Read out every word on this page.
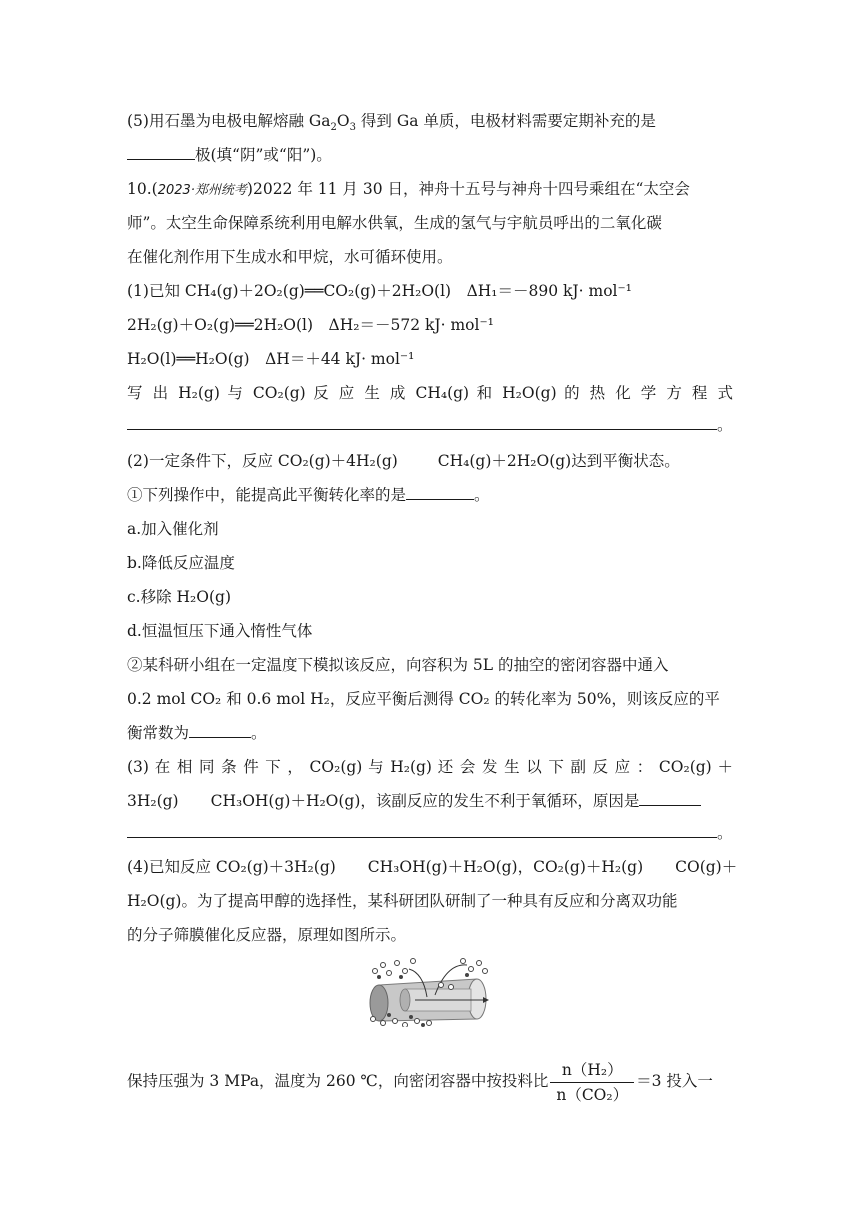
(5)用石墨为电极电解熔融 $Ga_2O_3$ 得到 Ga 单质，电极材料需要定期补充的是
极(填“阴”或“阳”)。
10.(2023·郑州统考)2022 年 11 月 30 日，神舟十五号与神舟十四号乘组在“太空会
师”。太空生命保障系统利用电解水供氧，生成的氢气与宇航员呼出的二氧化碳
在催化剂作用下生成水和甲烷，水可循环使用。
(1)已知 CH₄(g)＋2O₂(g)══CO₂(g)＋2H₂O(l)　ΔH₁＝－890 kJ· mol⁻¹
2H₂(g)＋O₂(g)══2H₂O(l)　ΔH₂＝－572 kJ· mol⁻¹
H₂O(l)══H₂O(g)　ΔH＝＋44 kJ· mol⁻¹
写 出 H₂(g) 与 CO₂(g) 反 应 生 成 CH₄(g) 和 H₂O(g) 的 热 化 学 方 程 式
。
(2)一定条件下，反应 CO₂(g)＋4H₂(g)	CH₄(g)＋2H₂O(g)达到平衡状态。
①下列操作中，能提高此平衡转化率的是	。
a.加入催化剂
b.降低反应温度
c.移除 H₂O(g)
d.恒温恒压下通入惰性气体
②某科研小组在一定温度下模拟该反应，向容积为 5L 的抽空的密闭容器中通入
0.2 mol CO₂ 和 0.6 mol H₂，反应平衡后测得 CO₂ 的转化率为 50%，则该反应的平
衡常数为	。
(3) 在 相 同 条 件 下 ， CO₂(g) 与 H₂(g) 还 会 发 生 以 下 副 反 应 ： CO₂(g) ＋
3H₂(g) CH₃OH(g)＋H₂O(g)，该副反应的发生不利于氧循环，原因是
。
(4)已知反应 CO₂(g)＋3H₂(g) CH₃OH(g)＋H₂O(g)，CO₂(g)＋H₂(g) CO(g)＋
H₂O(g)。为了提高甲醇的选择性，某科研团队研制了一种具有反应和分离双功能
的分子筛膜催化反应器，原理如图所示。
保持压强为 3 MPa，温度为 260 ℃，向密闭容器中按投料比 $\frac{\text{n（H₂）}}{\text{n（CO₂）}} =3$ 投入一
